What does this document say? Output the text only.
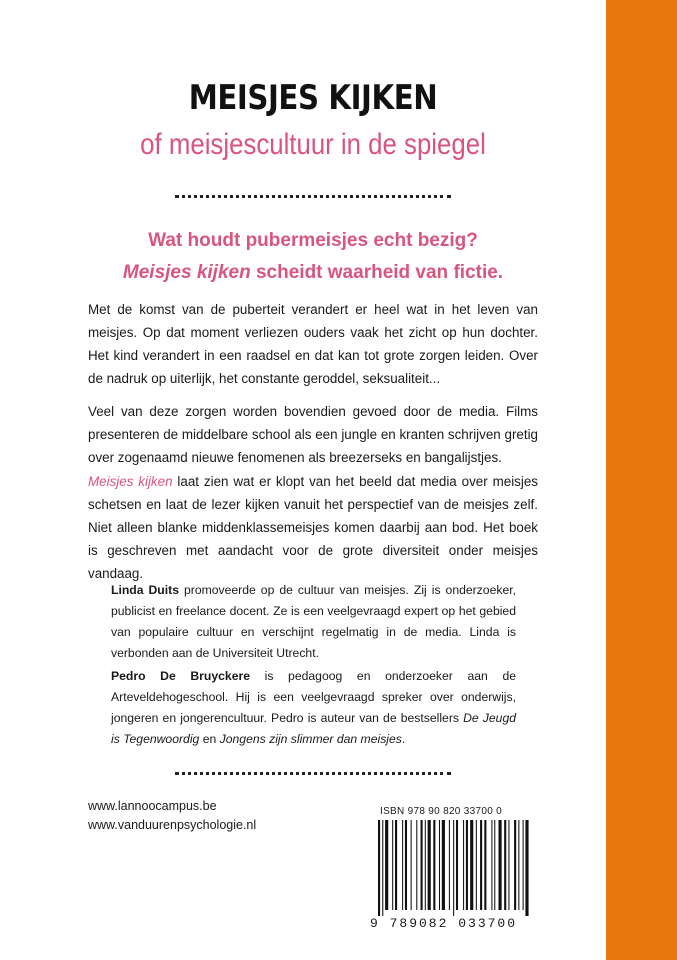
MEISJES KIJKEN
of meisjescultuur in de spiegel
Wat houdt pubermeisjes echt bezig?
Meisjes kijken scheidt waarheid van fictie.
Met de komst van de puberteit verandert er heel wat in het leven van meisjes. Op dat moment verliezen ouders vaak het zicht op hun dochter. Het kind verandert in een raadsel en dat kan tot grote zorgen leiden. Over de nadruk op uiterlijk, het constante geroddel, seksualiteit...
Veel van deze zorgen worden bovendien gevoed door de media. Films presenteren de middelbare school als een jungle en kranten schrijven gretig over zogenaamd nieuwe fenomenen als breezerseks en bangalijstjes.
Meisjes kijken laat zien wat er klopt van het beeld dat media over meisjes schetsen en laat de lezer kijken vanuit het perspectief van de meisjes zelf. Niet alleen blanke middenklassemeisjes komen daarbij aan bod. Het boek is geschreven met aandacht voor de grote diversiteit onder meisjes vandaag.
Linda Duits promoveerde op de cultuur van meisjes. Zij is onderzoeker, publicist en freelance docent. Ze is een veelgevraagd expert op het gebied van populaire cultuur en verschijnt regelmatig in de media. Linda is verbonden aan de Universiteit Utrecht.
Pedro De Bruyckere is pedagoog en onderzoeker aan de Arteveldehogeschool. Hij is een veelgevraagd spreker over onderwijs, jongeren en jongerencultuur. Pedro is auteur van de bestsellers De Jeugd is Tegenwoordig en Jongens zijn slimmer dan meisjes.
www.lannoocampus.be
www.vanduurenpsychologie.nl
ISBN 978 90 820 33700 0
9 789082 033700
